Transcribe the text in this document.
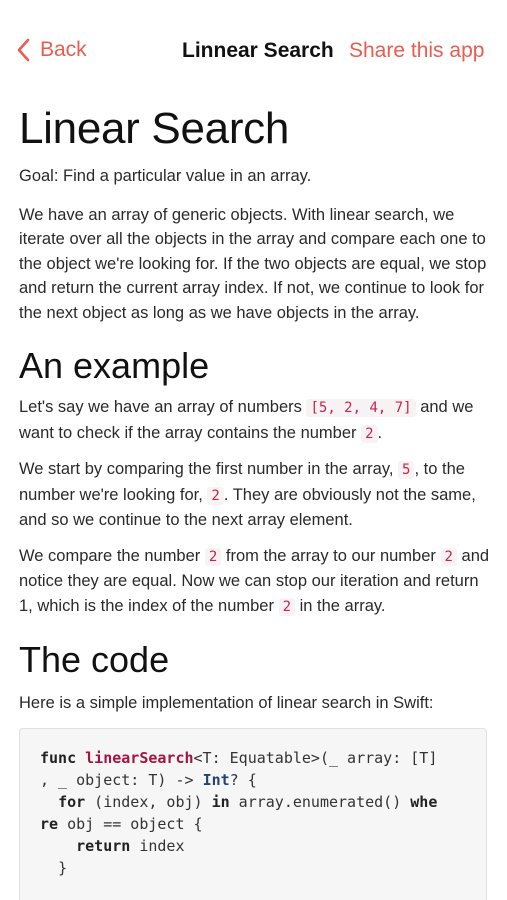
Back	Linnear Search Share this app
Linear Search

Goal: Find a particular value in an array.

We have an array of generic objects. With linear search, we iterate over all the objects in the array and compare each one to the object we're looking for. If the two objects are equal, we stop and return the current array index. If not, we continue to look for the next object as long as we have objects in the array.

An example

Let's say we have an array of numbers [5, 2, 4, 7] and we want to check if the array contains the number 2 .

We start by comparing the first number in the array, 5 , to the number we're looking for, 2 . They are obviously not the same, and so we continue to the next array element.

We compare the number 2 from the array to our number 2 and notice they are equal. Now we can stop our iteration and return 1, which is the index of the number 2 in the array.

The code

Here is a simple implementation of linear search in Swift:

func linearSearch<T: Equatable>(_ array: [T]
, _ object: T) -> Int? {
for (index, obj) in array.enumerated() whe
re obj == object {
return index
}
